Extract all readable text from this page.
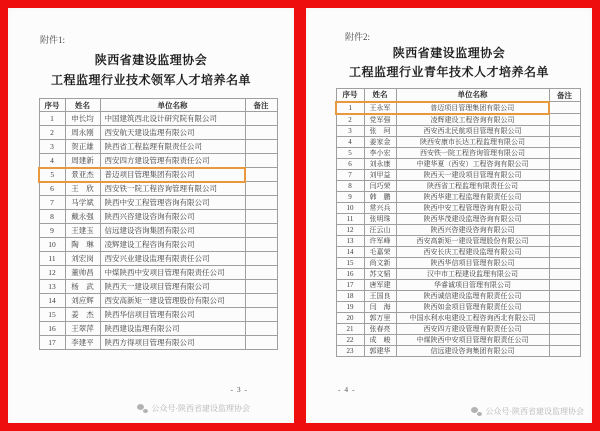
附件1:
陕西省建设监理协会
工程监理行业技术领军人才培养名单
序号	姓名	单位名称	备注
1	申长均	中国建筑西北设计研究院有限公司	
2	周永刚	西安航天建设监理有限公司	
3	贺正雄	陕西省工程监理有限责任公司	
4	周建新	西安四方建设管理有限责任公司	
5	景亚杰	普迈项目管理集团有限公司	
6	王　欣	西安铁一院工程咨询管理有限公司	
7	马学斌	陕西中安工程管理咨询有限公司	
8	戴永强	陕西兴咨建设咨询有限公司	
9	王建玉	信远建设咨询集团有限公司	
10	陶　琳	凌辉建设工程咨询有限公司	
11	刘宏岗	西安兴业建设监理有限责任公司	
12	董帅昌	中煤陕西中安项目管理有限责任公司	
13	杨　武	陕西天一建设项目管理有限公司	
14	刘应辉	西安高新矩一建设管理股份有限公司	
15	姜　杰	陕西华信项目管理有限公司	
16	王翠萍	陕西建设监理有限公司	
17	李建平	陕西方得项目管理有限公司	
- 3 -
公众号·陕西省建设监理协会
附件2:
陕西省建设监理协会
工程监理行业青年技术人才培养名单
序号	姓名	单位名称	备注
1	王永军	普迈项目管理集团有限公司	
2	党军强	凌辉建设工程咨询有限公司	
3	张　珂	西安西北民航项目管理有限公司	
4	姜家金	陕西安康市长达工程监理有限公司	
5	李小宏	西安铁一院工程咨询管理有限公司	
6	刘永康	中建华夏（西安）工程咨询有限公司	
7	刘甲益	陕西天一建设项目管理有限公司	
8	闫巧荣	陕西省工程监理有限责任公司	
9	韩　鹏	陕西华建工程监理有限责任公司	
10	常兴兵	陕西中安工程管理咨询有限公司	
11	张明珠	陕西华茂建设监理咨询有限公司	
12	汪云山	陕西兴咨建设咨询有限公司	
13	许军峰	西安高新矩一建设管理股份有限公司	
14	毛嘉荣	西安长庆工程建设监理有限公司	
15	尚文新	陕西华信项目管理有限公司	
16	苏文韬	汉中市工程建设监理有限公司	
17	唐军建	华睿诚项目管理有限公司	
18	王国良	陕西诚信建设监理有限责任公司	
19	闫　海	陕西如金项目管理有限责任公司	
20	郭万里	中国水利水电建设工程咨询西北有限公司	
21	张春亮	西安四方建设管理有限责任公司	
22	成　峻	中煤陕西中安项目管理有限责任公司	
23	郭建华	信远建设咨询集团有限公司	
- 4 -
公众号·陕西省建设监理协会
